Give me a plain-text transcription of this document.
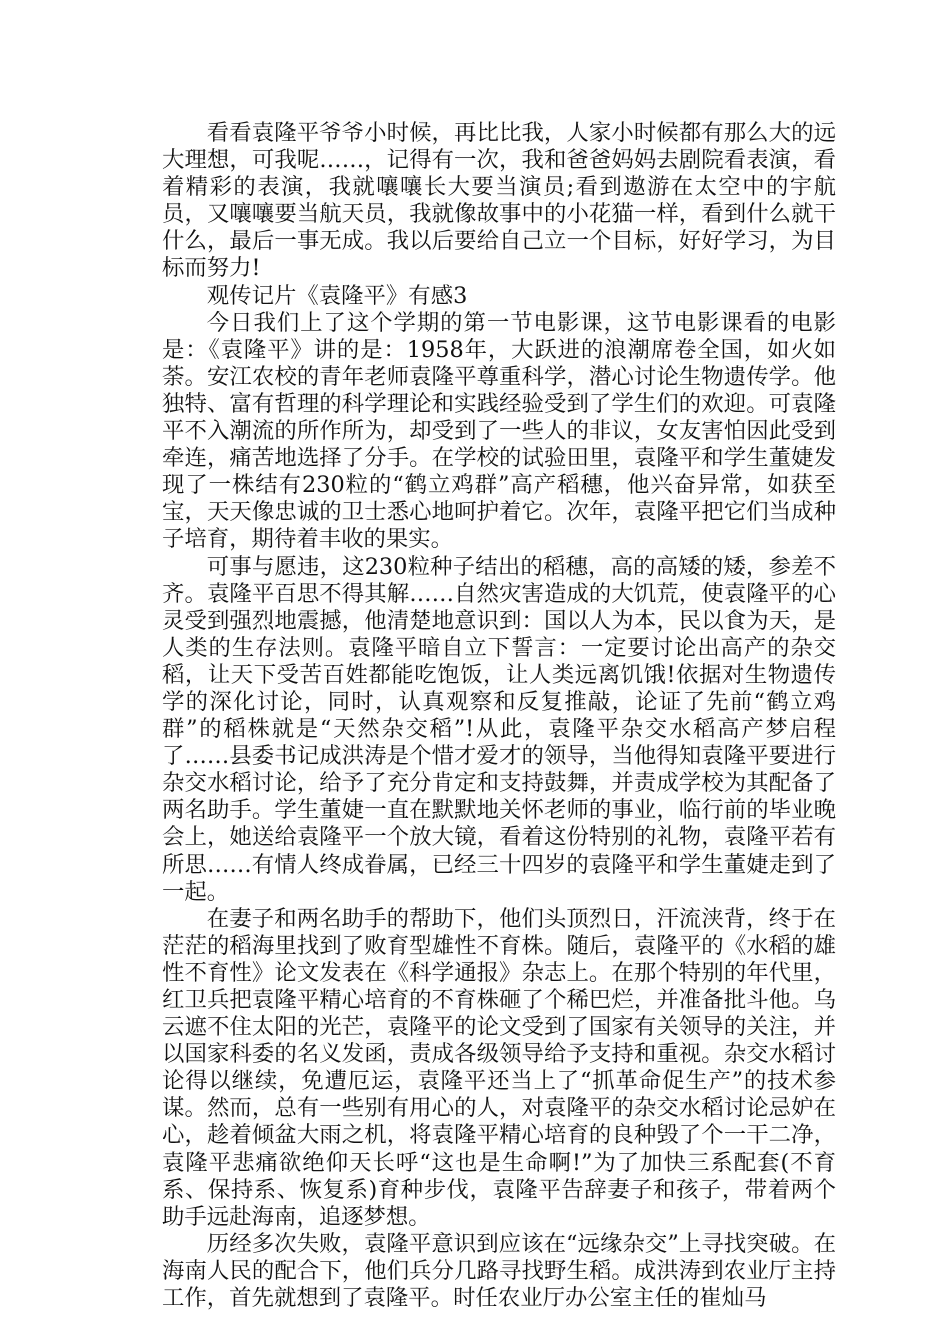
看看袁隆平爷爷小时候，再比比我，人家小时候都有那么大的远大理想，可我呢……，记得有一次，我和爸爸妈妈去剧院看表演，看着精彩的表演，我就嚷嚷长大要当演员;看到遨游在太空中的宇航员，又嚷嚷要当航天员，我就像故事中的小花猫一样，看到什么就干什么，最后一事无成。我以后要给自己立一个目标，好好学习，为目标而努力!

观传记片《袁隆平》有感3

今日我们上了这个学期的第一节电影课，这节电影课看的电影是：《袁隆平》讲的是：1958年，大跃进的浪潮席卷全国，如火如荼。安江农校的青年老师袁隆平尊重科学，潜心讨论生物遗传学。他独特、富有哲理的科学理论和实践经验受到了学生们的欢迎。可袁隆平不入潮流的所作所为，却受到了一些人的非议，女友害怕因此受到牵连，痛苦地选择了分手。在学校的试验田里，袁隆平和学生董婕发现了一株结有230粒的“鹤立鸡群”高产稻穗，他兴奋异常，如获至宝，天天像忠诚的卫士悉心地呵护着它。次年，袁隆平把它们当成种子培育，期待着丰收的果实。

可事与愿违，这230粒种子结出的稻穗，高的高矮的矮，参差不齐。袁隆平百思不得其解……自然灾害造成的大饥荒，使袁隆平的心灵受到强烈地震撼，他清楚地意识到：国以人为本，民以食为天，是人类的生存法则。袁隆平暗自立下誓言：一定要讨论出高产的杂交稻，让天下受苦百姓都能吃饱饭，让人类远离饥饿!依据对生物遗传学的深化讨论，同时，认真观察和反复推敲，论证了先前“鹤立鸡群”的稻株就是“天然杂交稻”!从此，袁隆平杂交水稻高产梦启程了……县委书记成洪涛是个惜才爱才的领导，当他得知袁隆平要进行杂交水稻讨论，给予了充分肯定和支持鼓舞，并责成学校为其配备了两名助手。学生董婕一直在默默地关怀老师的事业，临行前的毕业晚会上，她送给袁隆平一个放大镜，看着这份特别的礼物，袁隆平若有所思……有情人终成眷属，已经三十四岁的袁隆平和学生董婕走到了一起。

在妻子和两名助手的帮助下，他们头顶烈日，汗流浃背，终于在茫茫的稻海里找到了败育型雄性不育株。随后，袁隆平的《水稻的雄性不育性》论文发表在《科学通报》杂志上。在那个特别的年代里，红卫兵把袁隆平精心培育的不育株砸了个稀巴烂，并准备批斗他。乌云遮不住太阳的光芒，袁隆平的论文受到了国家有关领导的关注，并以国家科委的名义发函，责成各级领导给予支持和重视。杂交水稻讨论得以继续，免遭厄运，袁隆平还当上了“抓革命促生产”的技术参谋。然而，总有一些别有用心的人，对袁隆平的杂交水稻讨论忌妒在心，趁着倾盆大雨之机，将袁隆平精心培育的良种毁了个一干二净，袁隆平悲痛欲绝仰天长呼“这也是生命啊!”为了加快三系配套(不育系、保持系、恢复系)育种步伐，袁隆平告辞妻子和孩子，带着两个助手远赴海南，追逐梦想。

历经多次失败，袁隆平意识到应该在“远缘杂交”上寻找突破。在海南人民的配合下，他们兵分几路寻找野生稻。成洪涛到农业厅主持工作，首先就想到了袁隆平。时任农业厅办公室主任的崔灿马
